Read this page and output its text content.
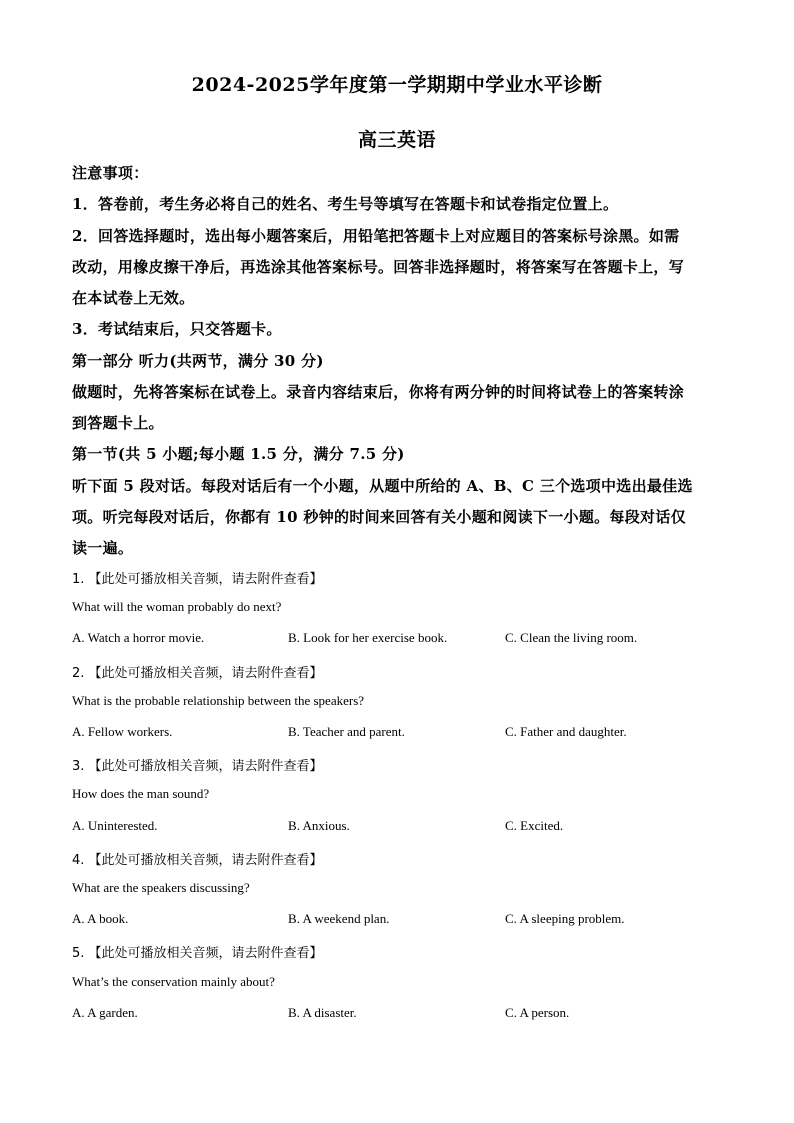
2024-2025学年度第一学期期中学业水平诊断
高三英语
注意事项：
1．答卷前，考生务必将自己的姓名、考生号等填写在答题卡和试卷指定位置上。
2．回答选择题时，选出每小题答案后，用铅笔把答题卡上对应题目的答案标号涂黑。如需
改动，用橡皮擦干净后，再选涂其他答案标号。回答非选择题时，将答案写在答题卡上，写
在本试卷上无效。
3．考试结束后，只交答题卡。
第一部分 听力(共两节，满分 30 分)
做题时，先将答案标在试卷上。录音内容结束后，你将有两分钟的时间将试卷上的答案转涂
到答题卡上。
第一节(共 5 小题;每小题 1.5 分，满分 7.5 分)
听下面 5 段对话。每段对话后有一个小题，从题中所给的 A、B、C 三个选项中选出最佳选
项。听完每段对话后，你都有 10 秒钟的时间来回答有关小题和阅读下一小题。每段对话仅
读一遍。
1. 【此处可播放相关音频，请去附件查看】
What will the woman probably do next?
A. Watch a horror movie.	B. Look for her exercise book.	C. Clean the living room.
2. 【此处可播放相关音频，请去附件查看】
What is the probable relationship between the speakers?
A. Fellow workers.	B. Teacher and parent.	C. Father and daughter.
3. 【此处可播放相关音频，请去附件查看】
How does the man sound?
A. Uninterested.	B. Anxious.	C. Excited.
4. 【此处可播放相关音频，请去附件查看】
What are the speakers discussing?
A. A book.	B. A weekend plan.	C. A sleeping problem.
5. 【此处可播放相关音频，请去附件查看】
What’s the conservation mainly about?
A. A garden.	B. A disaster.	C. A person.
